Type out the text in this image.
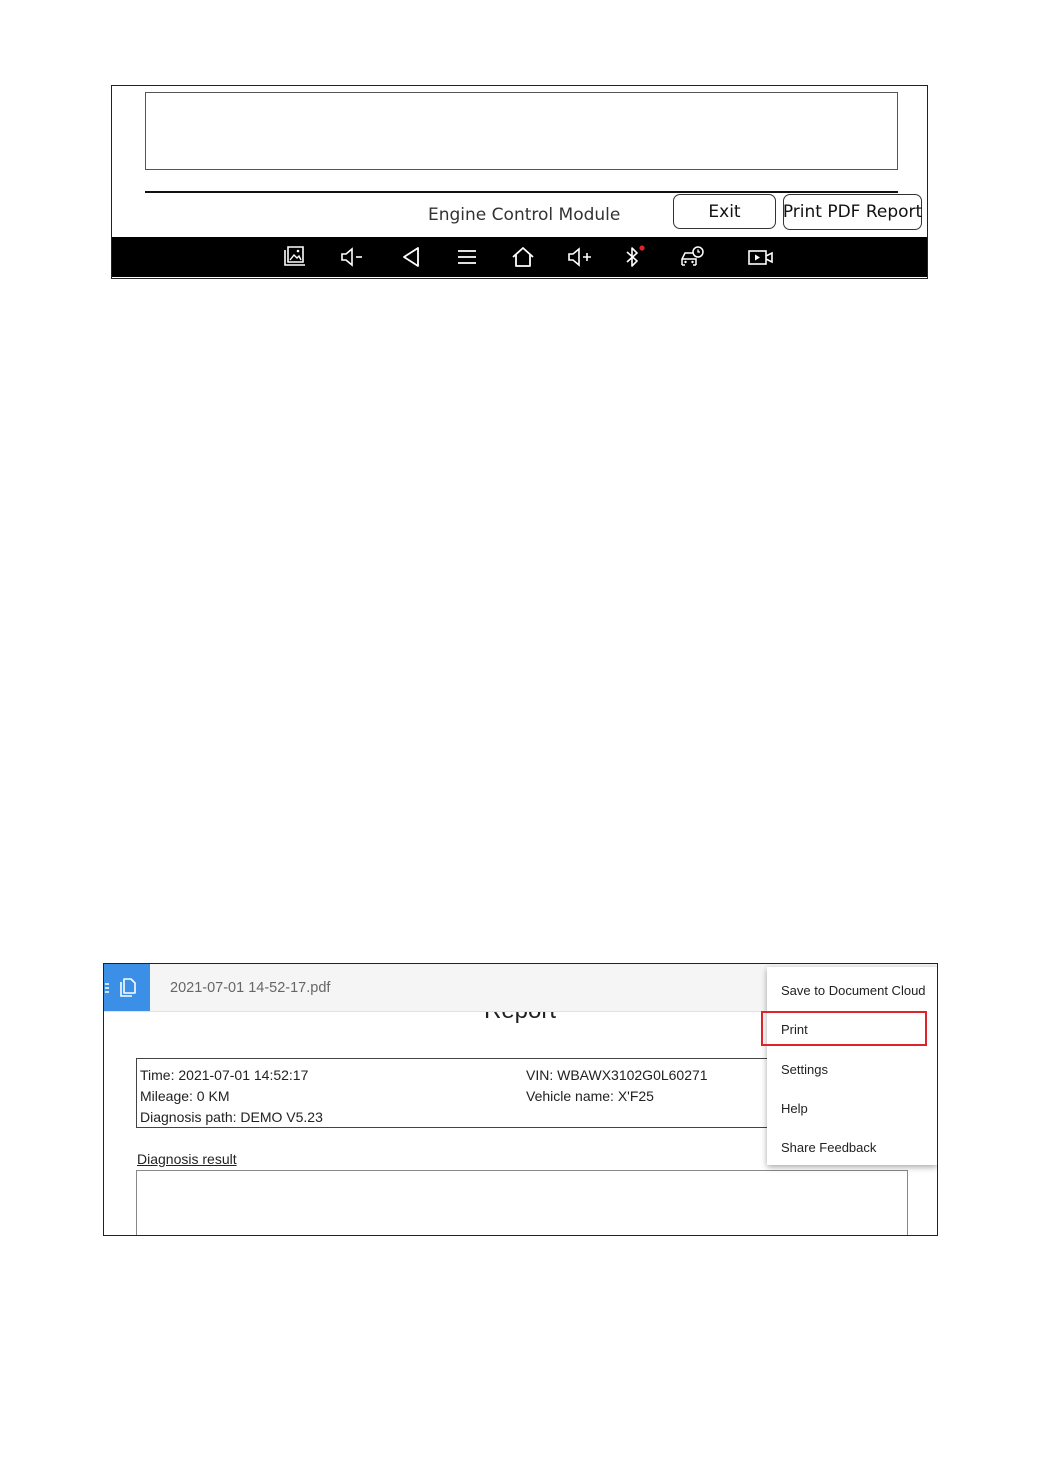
Engine Control Module	Exit	Print PDF Report
2021-07-01 14-52-17.pdf
Time: 2021-07-01 14:52:17
Mileage: 0 KM
Diagnosis path: DEMO V5.23
VIN: WBAWX3102G0L60271
Vehicle name: X'F25
Diagnosis result
Save to Document Cloud
Print
Settings
Help
Share Feedback
